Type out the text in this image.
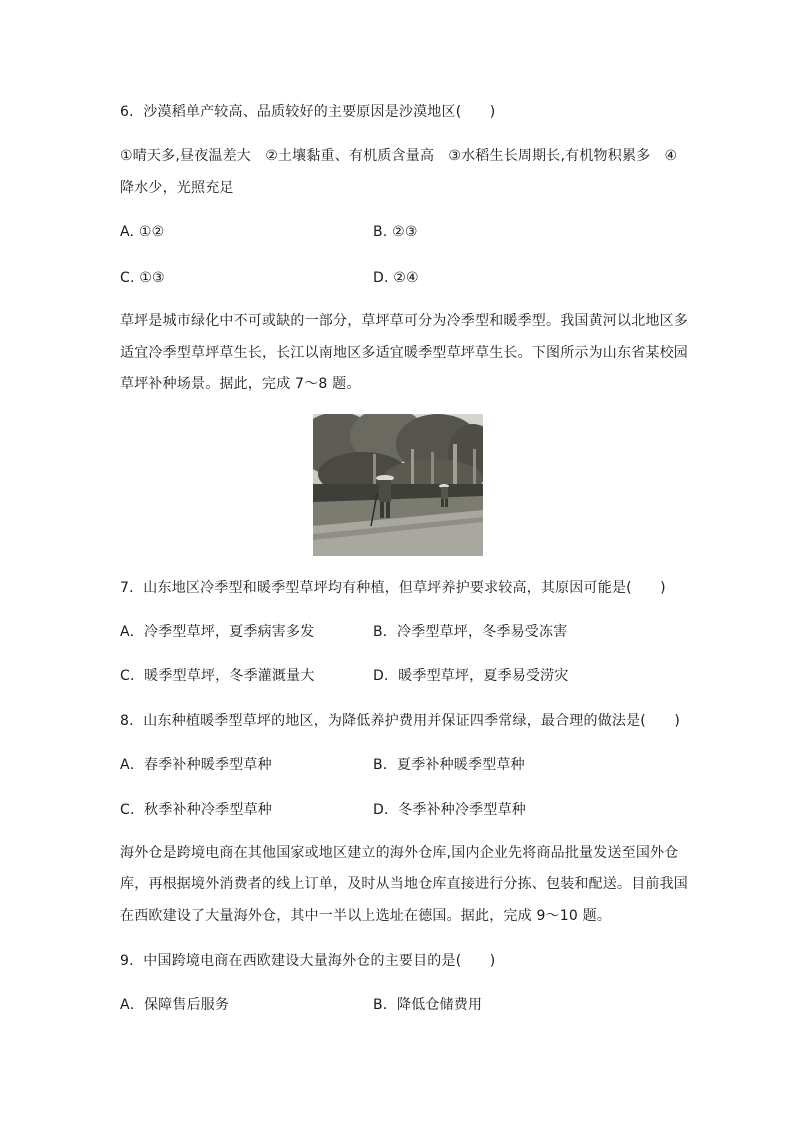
6．沙漠稻单产较高、品质较好的主要原因是沙漠地区(　　)
①晴天多,昼夜温差大　②土壤黏重、有机质含量高　③水稻生长周期长,有机物积累多　④
降水少，光照充足
A. ①②	B. ②③
C. ①③	D. ②④
草坪是城市绿化中不可或缺的一部分，草坪草可分为冷季型和暖季型。我国黄河以北地区多
适宜冷季型草坪草生长，长江以南地区多适宜暖季型草坪草生长。下图所示为山东省某校园
草坪补种场景。据此，完成 7～8 题。
7．山东地区冷季型和暖季型草坪均有种植，但草坪养护要求较高，其原因可能是(　　)
A．冷季型草坪，夏季病害多发	B．冷季型草坪，冬季易受冻害
C．暖季型草坪，冬季灌溉量大	D．暖季型草坪，夏季易受涝灾
8．山东种植暖季型草坪的地区，为降低养护费用并保证四季常绿，最合理的做法是(　　)
A．春季补种暖季型草种	B．夏季补种暖季型草种
C．秋季补种冷季型草种	D．冬季补种冷季型草种
海外仓是跨境电商在其他国家或地区建立的海外仓库,国内企业先将商品批量发送至国外仓
库，再根据境外消费者的线上订单，及时从当地仓库直接进行分拣、包装和配送。目前我国
在西欧建设了大量海外仓，其中一半以上选址在德国。据此，完成 9～10 题。
9．中国跨境电商在西欧建设大量海外仓的主要目的是(　　)
A．保障售后服务	B．降低仓储费用
